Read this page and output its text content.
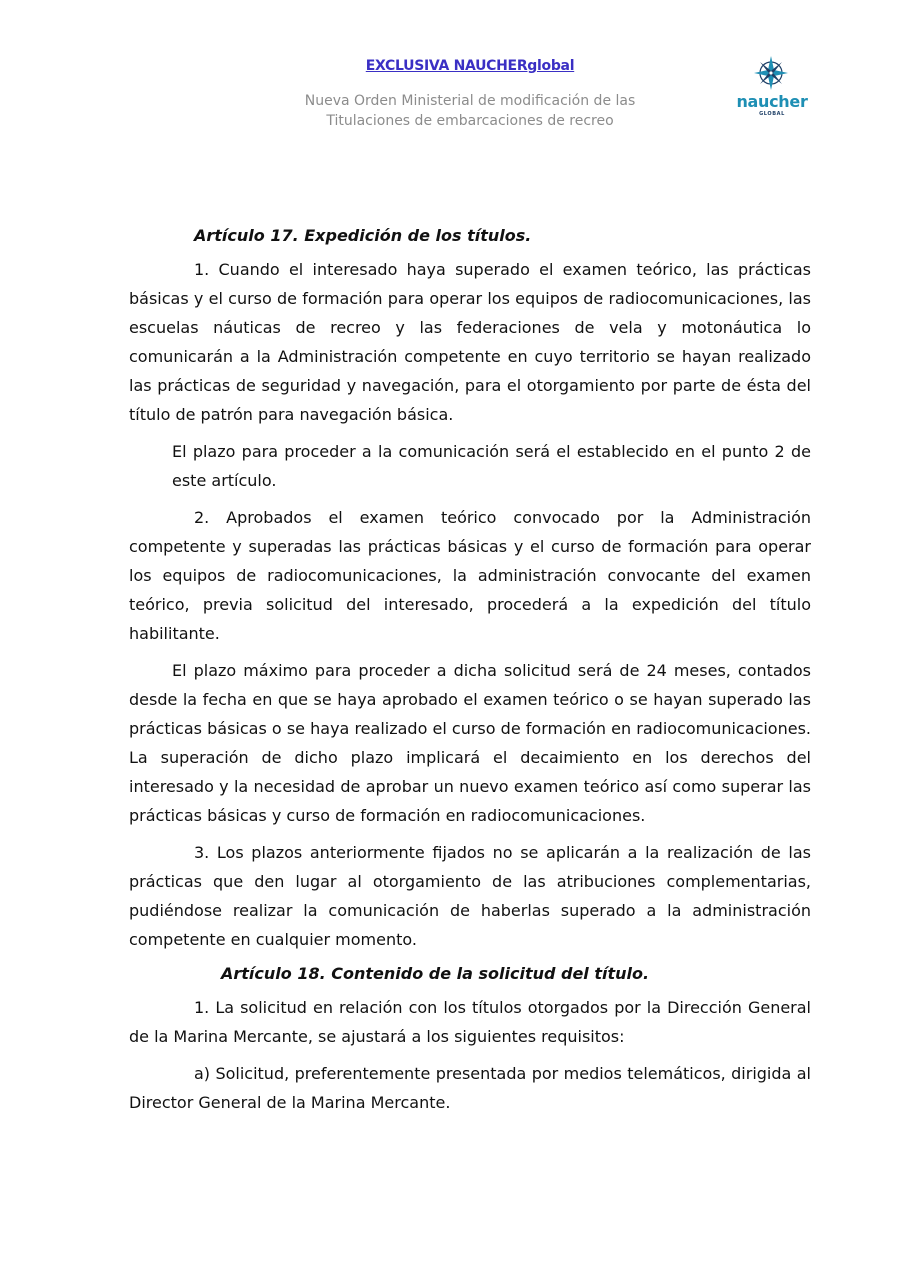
EXCLUSIVA NAUCHERglobal
Nueva Orden Ministerial de modificación de las
Titulaciones de embarcaciones de recreo
naucher
GLOBAL
Artículo 17. Expedición de los títulos.

1. Cuando el interesado haya superado el examen teórico, las prácticas básicas y el curso de formación para operar los equipos de radiocomunicaciones, las escuelas náuticas de recreo y las federaciones de vela y motonáutica lo comunicarán a la Administración competente en cuyo territorio se hayan realizado las prácticas de seguridad y navegación, para el otorgamiento por parte de ésta del título de patrón para navegación básica.

El plazo para proceder a la comunicación será el establecido en el punto 2 de este artículo.

2. Aprobados el examen teórico convocado por la Administración competente y superadas las prácticas básicas y el curso de formación para operar los equipos de radiocomunicaciones, la administración convocante del examen teórico, previa solicitud del interesado, procederá a la expedición del título habilitante.

El plazo máximo para proceder a dicha solicitud será de 24 meses, contados desde la fecha en que se haya aprobado el examen teórico o se hayan superado las prácticas básicas o se haya realizado el curso de formación en radiocomunicaciones. La superación de dicho plazo implicará el decaimiento en los derechos del interesado y la necesidad de aprobar un nuevo examen teórico así como superar las prácticas básicas y curso de formación en radiocomunicaciones.

3. Los plazos anteriormente fijados no se aplicarán a la realización de las prácticas que den lugar al otorgamiento de las atribuciones complementarias, pudiéndose realizar la comunicación de haberlas superado a la administración competente en cualquier momento.

Artículo 18. Contenido de la solicitud del título.

1. La solicitud en relación con los títulos otorgados por la Dirección General de la Marina Mercante, se ajustará a los siguientes requisitos:

a) Solicitud, preferentemente presentada por medios telemáticos, dirigida al Director General de la Marina Mercante.
